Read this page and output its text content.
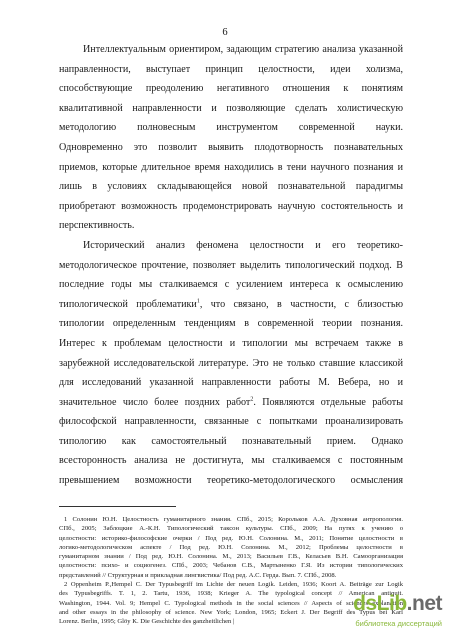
6
Интеллектуальным ориентиром, задающим стратегию анализа указанной
направленности, выступает принцип целостности, идеи холизма,
способствующие преодолению негативного отношения к понятиям
квалитативной направленности и позволяющие сделать холистическую
методологию полновесным инструментом современной науки.
Одновременно это позволит выявить плодотворность познавательных
приемов, которые длительное время находились в тени научного познания и
лишь в условиях складывающейся новой познавательной парадигмы
приобретают возможность продемонстрировать научную состоятельность и
перспективность.
Исторический анализ феномена целостности и его теоретико-
методологическое прочтение, позволяет выделить типологический подход. В
последние годы мы сталкиваемся с усилением интереса к осмыслению
типологической проблематики$^1$, что связано, в частности, с близостью
типологии определенным тенденциям в современной теории познания.
Интерес к проблемам целостности и типологии мы встречаем также в
зарубежной исследовательской литературе. Это не только ставшие классикой
для исследований указанной направленности работы М. Вебера, но и
значительное число более поздних работ$^2$. Появляются отдельные работы
философской направленности, связанные с попытками проанализировать
типологию как самостоятельный познавательный прием. Однако
всесторонность анализа не достигнута, мы сталкиваемся с постоянным
превышением возможности теоретико-методологического осмысления
1 Солонин Ю.Н. Целостность гуманитарного знания. СПб., 2015; Корольков А.А. Духовная антропология.
СПб., 2005; Заблоцкие А.-К.Н. Типологический таксон культуры. СПб., 2009; На путях к учению о
целостности: историко-философские очерки / Под ред. Ю.Н. Солонина. М., 2011; Понятие целостности в
логико-методологическом аспекте / Под ред. Ю.Н. Солонина. М., 2012; Проблемы целостности в
гуманитарном знании / Под ред. Ю.Н. Солонина. М., 2013; Васильев Г.В., Келасьев В.Н. Самоорганизация
целостности: психо- и социогенез. СПб., 2003; Чебанов С.В., Мартыненко Г.Я. Из истории типологических
представлений // Структурная и прикладная лингвистика/ Под ред. А.С. Герда. Вып. 7. СПб., 2008.
2 Oppenheim P.,Hempel C. Der Typusbegriff im Lichte der neuen Logik. Leiden, 1936; Koort A. Beiträge zur Logik
des Typusbegriffs. T. 1, 2. Tartu, 1936, 1938; Krieger A. The typological concept // American antiquit.
Washington, 1944. Vol. 9; Hempel C. Typological methods in the social sciences // Aspects of sciences explanation
and other essays in the philosophy of science. New York; London, 1965; Eckert J. Der Begriff des Typus bei Karl
Lorenz. Berlin, 1995; Glöy K. Die Geschichte des ganzheitlichen |
dsLib.net
библиотека диссертаций
